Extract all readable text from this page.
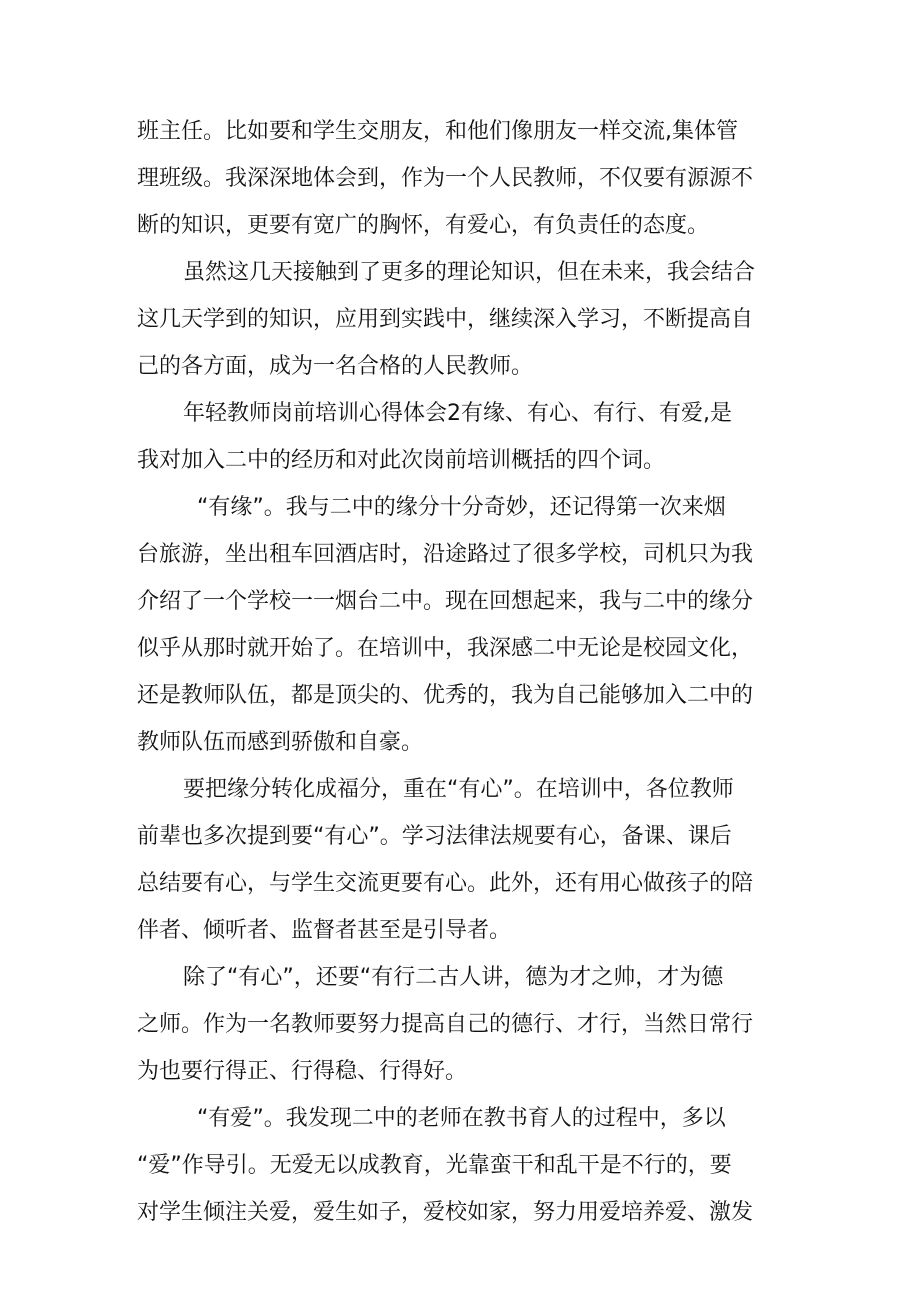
班主任。比如要和学生交朋友，和他们像朋友一样交流,集体管
理班级。我深深地体会到，作为一个人民教师，不仅要有源源不
断的知识，更要有宽广的胸怀，有爱心，有负责任的态度。
虽然这几天接触到了更多的理论知识，但在未来，我会结合
这几天学到的知识，应用到实践中，继续深入学习，不断提高自
己的各方面，成为一名合格的人民教师。
年轻教师岗前培训心得体会2有缘、有心、有行、有爱,是
我对加入二中的经历和对此次岗前培训概括的四个词。
“有缘”。我与二中的缘分十分奇妙，还记得第一次来烟
台旅游，坐出租车回酒店时，沿途路过了很多学校，司机只为我
介绍了一个学校一一烟台二中。现在回想起来，我与二中的缘分
似乎从那时就开始了。在培训中，我深感二中无论是校园文化，
还是教师队伍，都是顶尖的、优秀的，我为自己能够加入二中的
教师队伍而感到骄傲和自豪。
要把缘分转化成福分，重在“有心”。在培训中，各位教师
前辈也多次提到要“有心”。学习法律法规要有心，备课、课后
总结要有心，与学生交流更要有心。此外，还有用心做孩子的陪
伴者、倾听者、监督者甚至是引导者。
除了“有心”，还要“有行二古人讲，德为才之帅，才为德
之师。作为一名教师要努力提高自己的德行、才行，当然日常行
为也要行得正、行得稳、行得好。
“有爱”。我发现二中的老师在教书育人的过程中，多以
“爱”作导引。无爱无以成教育，光靠蛮干和乱干是不行的，要
对学生倾注关爱，爱生如子，爱校如家，努力用爱培养爱、激发
